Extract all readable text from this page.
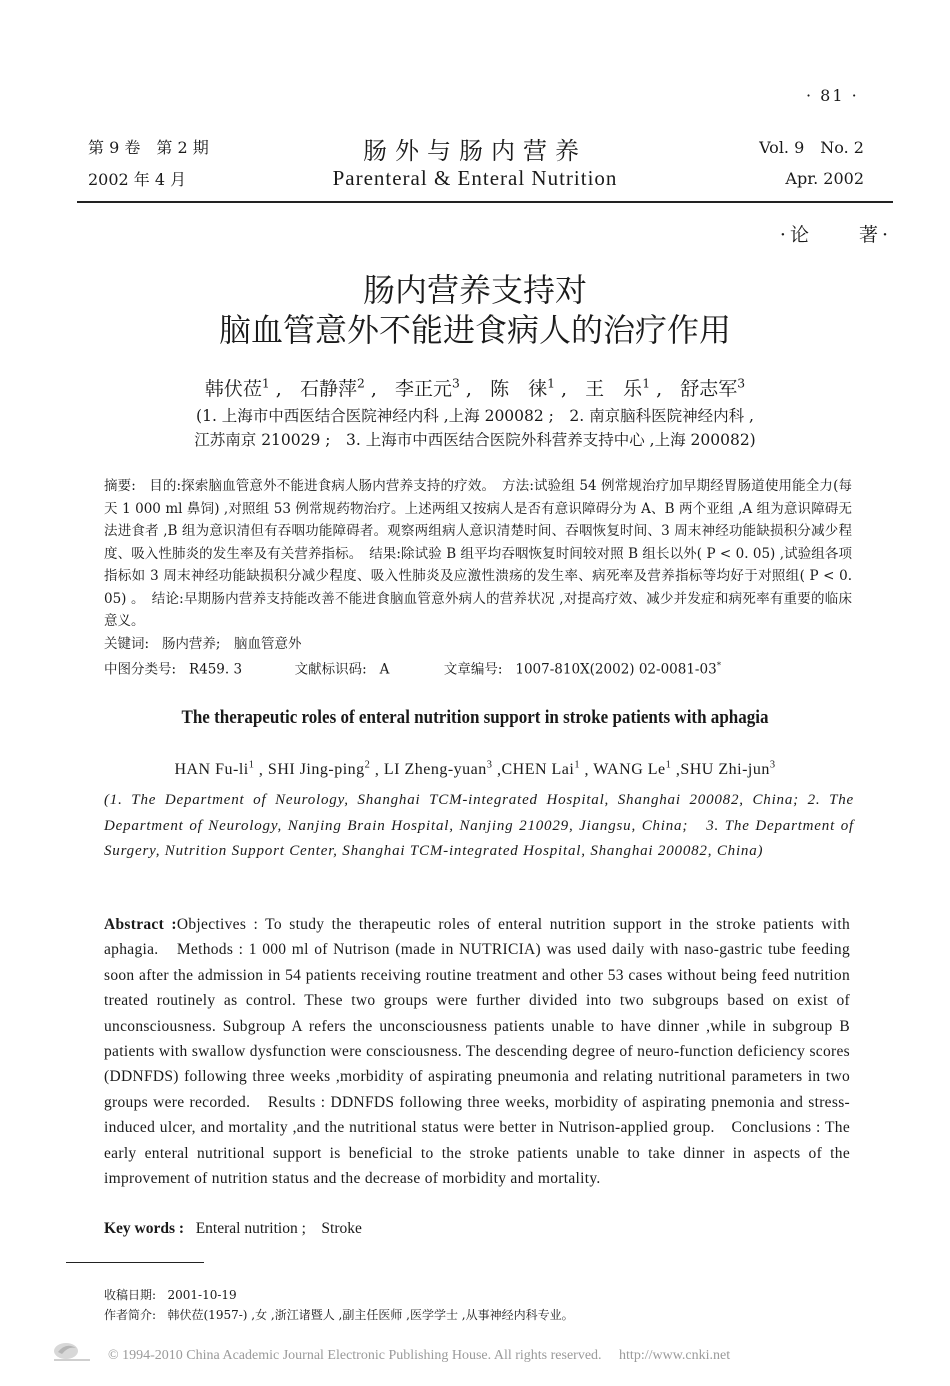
· 81 ·
第 9 卷　第 2 期
2002 年 4 月
肠外与肠内营养
Parenteral & Enteral Nutrition
Vol. 9　No. 2
Apr. 2002
·论　　著·
肠内营养支持对
脑血管意外不能进食病人的治疗作用
韩伏莅$^1$ ,   石静萍$^2$ ,   李正元$^3$ ,   陈　徕$^1$ ,   王　乐$^1$ ,   舒志军$^3$
(1. 上海市中西医结合医院神经内科 ,上海 200082 ;　2. 南京脑科医院神经内科 ,
江苏南京 210029 ;　3. 上海市中西医结合医院外科营养支持中心 ,上海 200082)
摘要: 目的:探索脑血管意外不能进食病人肠内营养支持的疗效。　方法:试验组 54 例常规治疗加早期经胃肠道使用能全力(每天 1 000 ml 鼻饲) ,对照组 53 例常规药物治疗。上述两组又按病人是否有意识障碍分为 A、B 两个亚组 ,A 组为意识障碍无法进食者 ,B 组为意识清但有吞咽功能障碍者。观察两组病人意识清楚时间、吞咽恢复时间、3 周末神经功能缺损积分减少程度、吸入性肺炎的发生率及有关营养指标。　结果:除试验 B 组平均吞咽恢复时间较对照 B 组长以外( P < 0. 05) ,试验组各项指标如 3 周末神经功能缺损积分减少程度、吸入性肺炎及应激性溃疡的发生率、病死率及营养指标等均好于对照组( P < 0. 05) 。　结论:早期肠内营养支持能改善不能进食脑血管意外病人的营养状况 ,对提高疗效、减少并发症和病死率有重要的临床意义。
关键词: 肠内营养;　脑血管意外
中图分类号: R459. 3	文献标识码: A	文章编号: 1007-810X(2002) 02-0081-03*
The therapeutic roles of enteral nutrition support in stroke patients with aphagia
HAN $Fu-li^1$ , SHI Jing-ping$^2$ , LI Zheng-yuan$^3$ ,CHEN Lai$^1$ , WANG Le$^1$ ,SHU Zhi-jun$^3$
(1. The Department of Neurology, Shanghai TCM-integrated Hospital, Shanghai 200082, China; 2. The Department of Neurology, Nanjing Brain Hospital, Nanjing 210029, Jiangsu, China;　3. The Department of Surgery, Nutrition Support Center, Shanghai TCM-integrated Hospital, Shanghai 200082, China)
Abstract :Objectives : To study the therapeutic roles of enteral nutrition support in the stroke patients with aphagia.　Methods : 1 000 ml of Nutrison (made in NUTRICIA) was used daily with naso-gastric tube feeding soon after the admission in 54 patients receiving routine treatment and other 53 cases without being feed nutrition treated routinely as control. These two groups were further divided into two subgroups based on exist of unconsciousness. Subgroup A refers the unconsciousness patients unable to have dinner ,while in subgroup B patients with swallow dysfunction were consciousness. The descending degree of neuro-function deficiency scores (DDNFDS) following three weeks ,morbidity of aspirating pneumonia and relating nutritional parameters in two groups were recorded.　Results : DDNFDS following three weeks, morbidity of aspirating pnemonia and stress-induced ulcer, and mortality ,and the nutritional status were better in Nutrison-applied group.　Conclusions : The early enteral nutritional support is beneficial to the stroke patients unable to take dinner in aspects of the improvement of nutrition status and the decrease of morbidity and mortality.
Key words : Enteral nutrition ;　Stroke
收稿日期: 2001-10-19
作者简介: 韩伏莅(1957-) ,女 ,浙江诸暨人 ,副主任医师 ,医学学士 ,从事神经内科专业。
© 1994-2010 China Academic Journal Electronic Publishing House. All rights reserved.　 http://www.cnki.net
